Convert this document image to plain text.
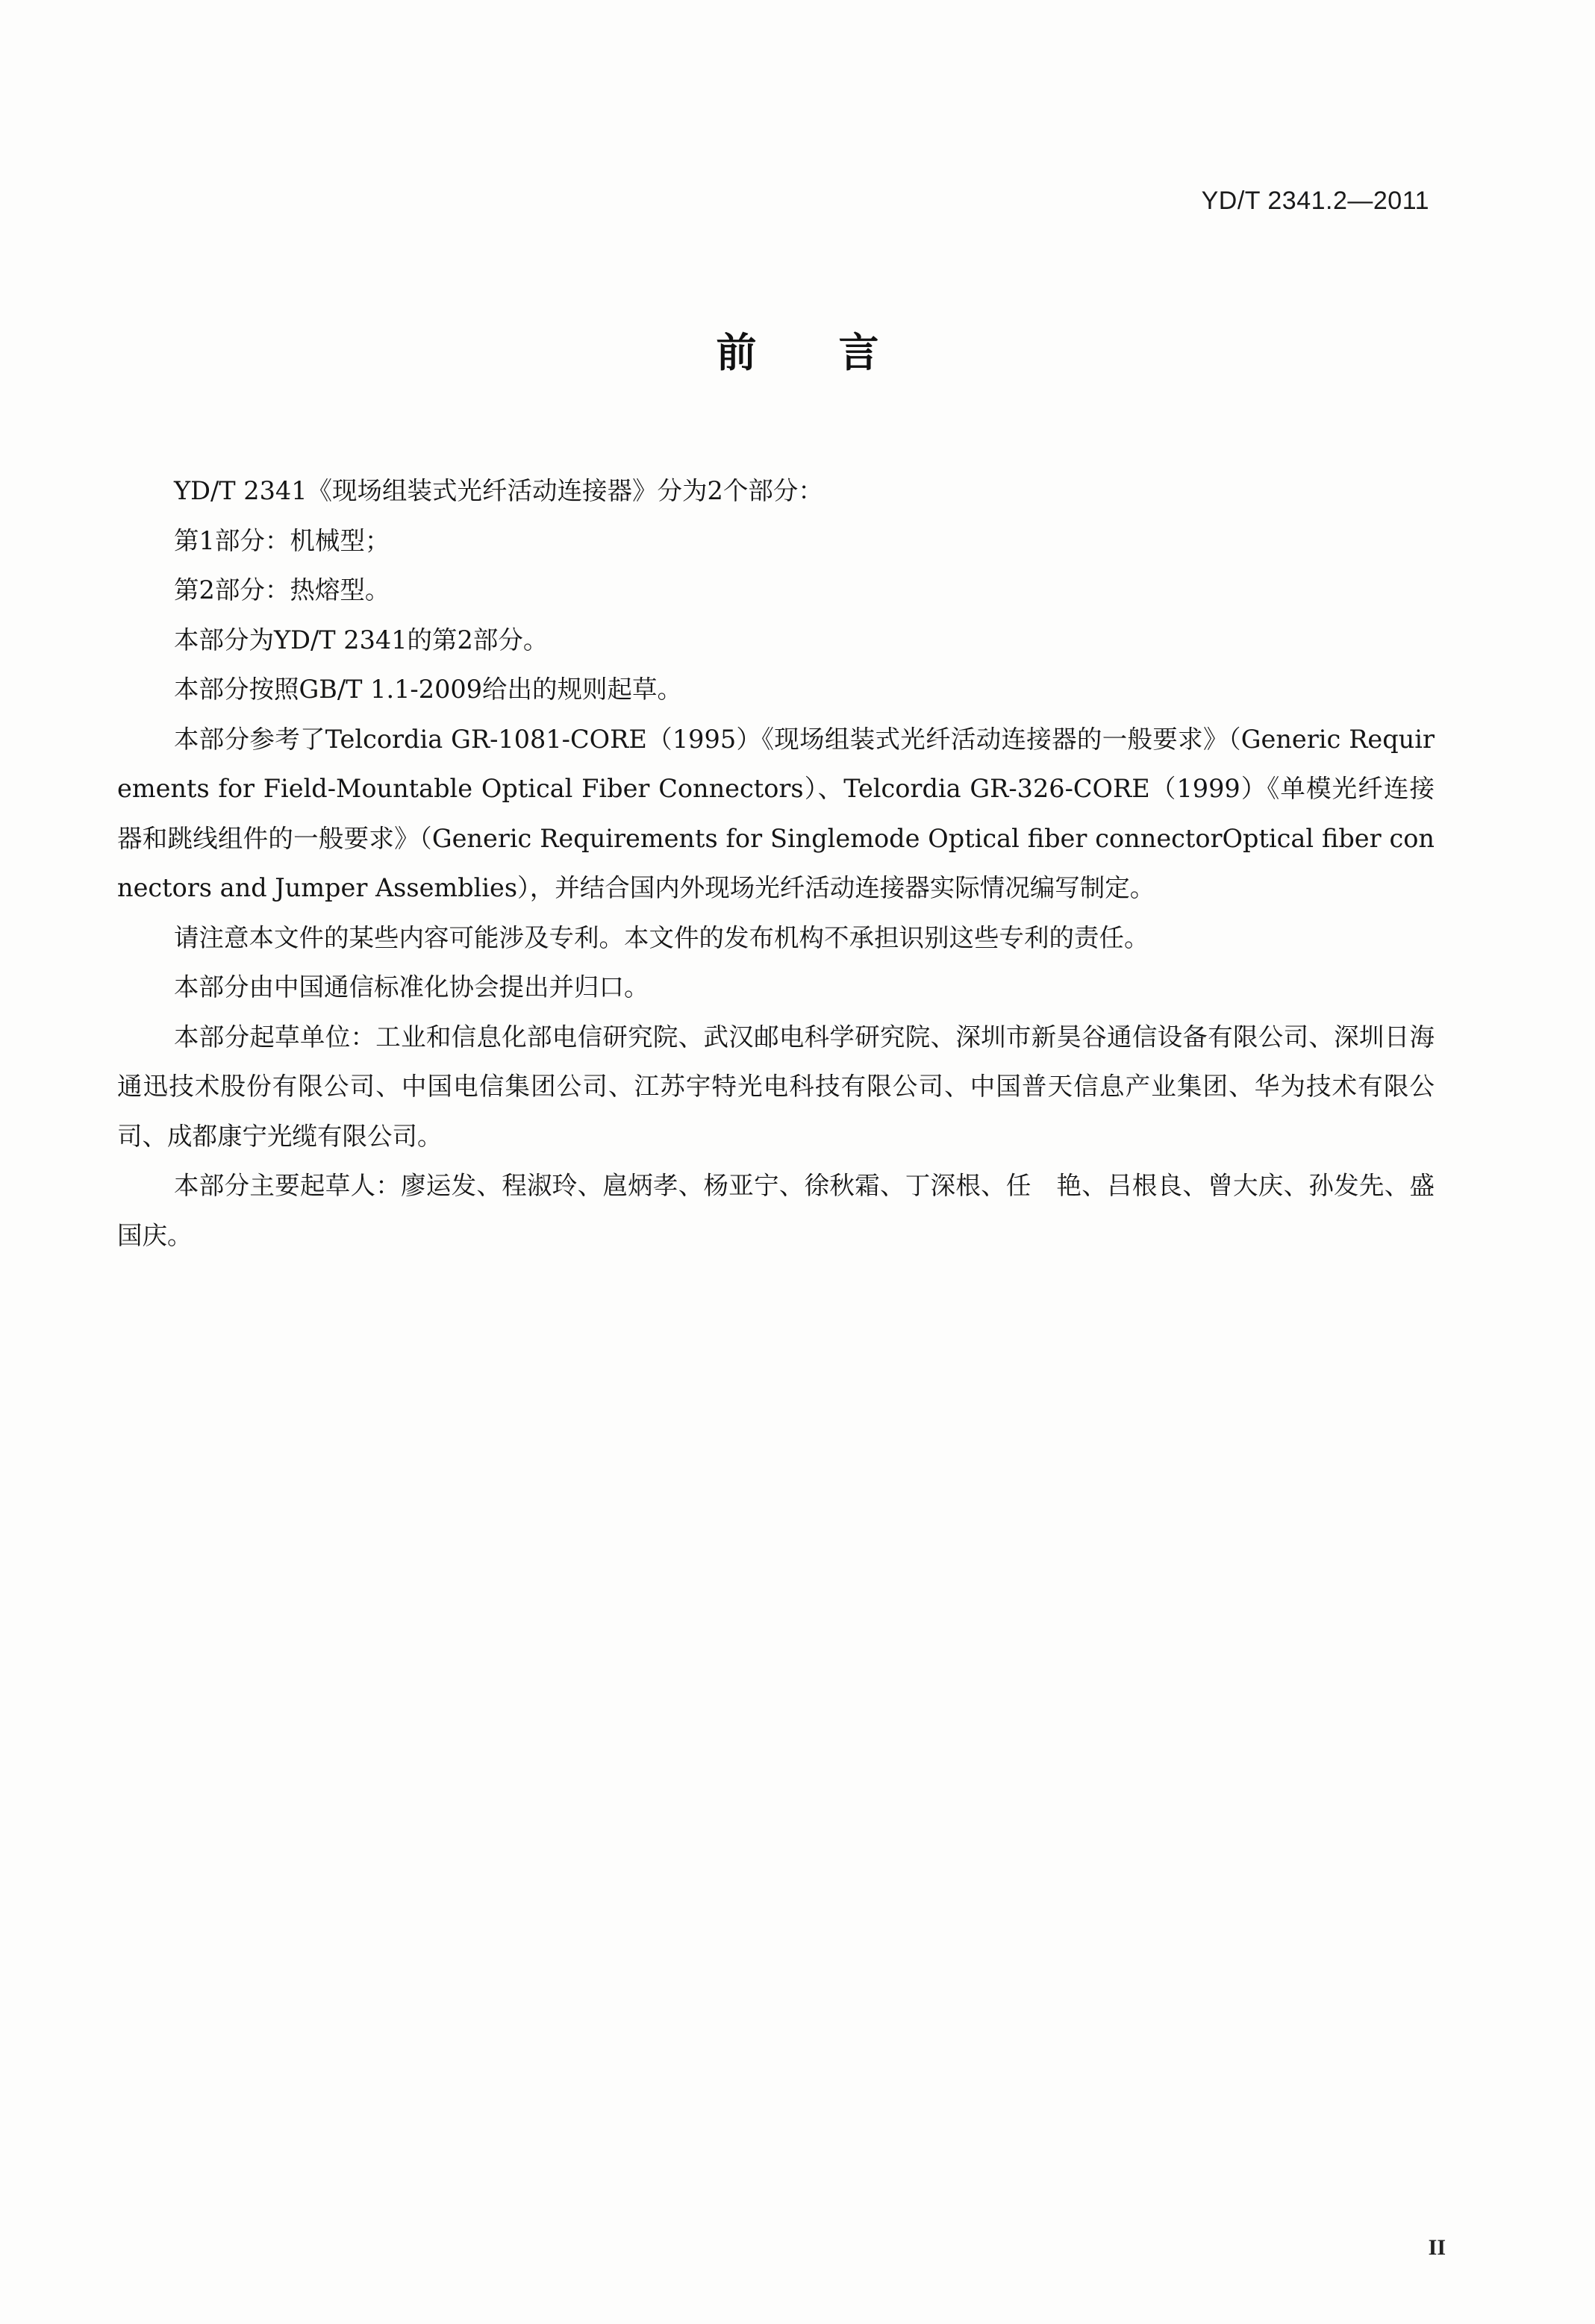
YD/T 2341.2—2011
前 言

YD/T 2341《现场组装式光纤活动连接器》分为2个部分：

第1部分：机械型；

第2部分：热熔型。

本部分为YD/T 2341的第2部分。

本部分按照GB/T 1.1-2009给出的规则起草。

本部分参考了Telcordia GR-1081-CORE（1995）《现场组装式光纤活动连接器的一般要求》（Generic Requirements for Field-Mountable Optical Fiber Connectors）、Telcordia GR-326-CORE（1999）《单模光纤连接器和跳线组件的一般要求》（Generic Requirements for Singlemode Optical fiber connectorOptical fiber connectors and Jumper Assemblies），并结合国内外现场光纤活动连接器实际情况编写制定。

请注意本文件的某些内容可能涉及专利。本文件的发布机构不承担识别这些专利的责任。

本部分由中国通信标准化协会提出并归口。

本部分起草单位：工业和信息化部电信研究院、武汉邮电科学研究院、深圳市新昊谷通信设备有限公司、深圳日海通迅技术股份有限公司、中国电信集团公司、江苏宇特光电科技有限公司、中国普天信息产业集团、华为技术有限公司、成都康宁光缆有限公司。

本部分主要起草人：廖运发、程淑玲、扈炳孝、杨亚宁、徐秋霜、丁深根、任　艳、吕根良、曾大庆、孙发先、盛国庆。

II
